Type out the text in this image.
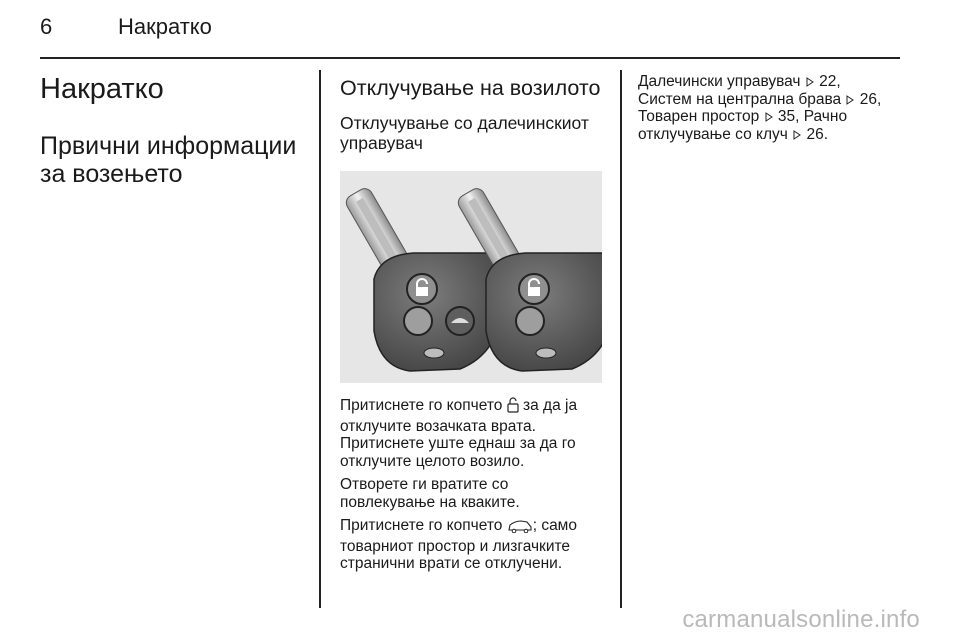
6	Накратко
Накратко
Првични информации за возењето
Отклучување на возилото
Отклучување со далечинскиот управувач

Притиснете го копчето за да ја отклучите возачката врата. Притиснете уште еднаш за да го отклучите целото возило.

Отворете ги вратите со повлекување на кваките.

Притиснете го копчето ; само товарниот простор и лизгачките странични врати се отклучени.

Далечински управувач 22,
Систем на централна брава 26,
Товарен простор 35, Рачно
отклучување со клуч 26.
carmanualsonline.info
